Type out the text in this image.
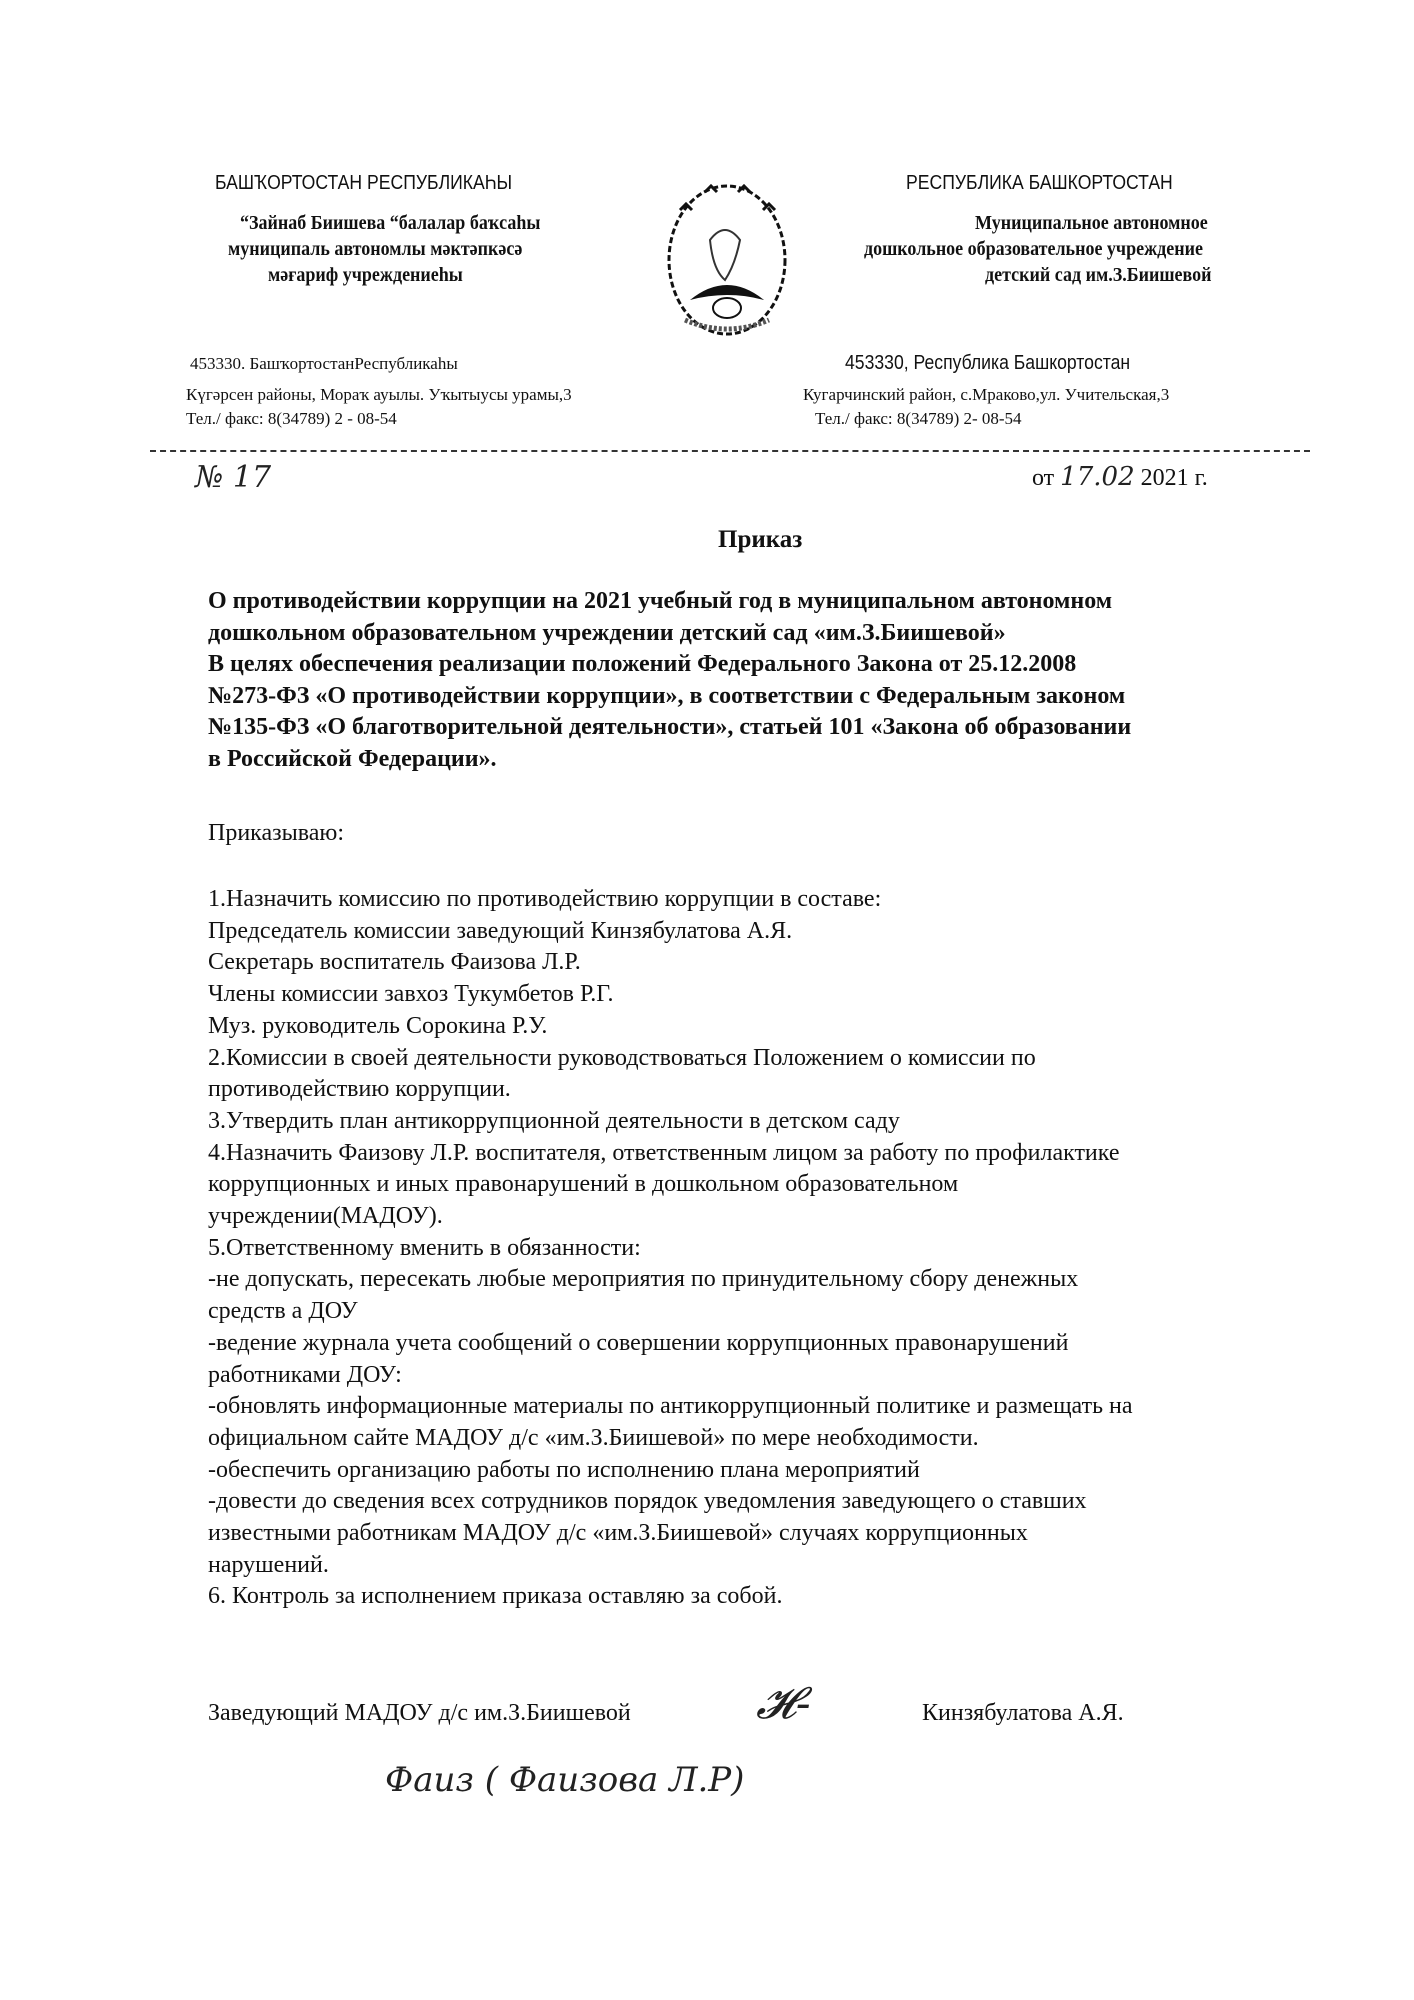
БАШҠОРТОСТАН РЕСПУБЛИКАҺЫ
“Зайнаб Биишева “балалар баҡсаһы
муниципаль автономлы мәктәпкәсә
мәғариф учреждениеһы
453330. БашҡортостанРеспубликаһы
Күгәрсен районы, Мораҡ ауылы. Уҡытыусы урамы,3
Тел./ факс: 8(34789) 2 - 08-54
РЕСПУБЛИКА БАШКОРТОСТАН
Муниципальное автономное
дошкольное образовательное учреждение
детский сад им.З.Биишевой
453330, Республика Башкортостан
Кугарчинский район, с.Мраково,ул. Учительская,3
Тел./ факс: 8(34789) 2- 08-54
№ 17	от 17.02 2021 г.
Приказ
О противодействии коррупции на 2021 учебный год в муниципальном автономном
дошкольном образовательном учреждении детский сад «им.З.Биишевой»
В целях обеспечения реализации положений Федерального Закона от 25.12.2008
№273-ФЗ «О противодействии коррупции», в соответствии с Федеральным законом
№135-ФЗ «О благотворительной деятельности», статьей 101 «Закона об образовании
в Российской Федерации».
Приказываю:
1.Назначить комиссию по противодействию коррупции в составе:
Председатель комиссии заведующий Кинзябулатова А.Я.
Секретарь воспитатель Фаизова Л.Р.
Члены комиссии завхоз Тукумбетов Р.Г.
Муз. руководитель Сорокина Р.У.
2.Комиссии в своей деятельности руководствоваться Положением о комиссии по
противодействию коррупции.
3.Утвердить план антикоррупционной деятельности в детском саду
4.Назначить Фаизову Л.Р. воспитателя, ответственным лицом за работу по профилактике
коррупционных и иных правонарушений в дошкольном образовательном
учреждении(МАДОУ).
5.Ответственному вменить в обязанности:
-не допускать, пересекать любые мероприятия по принудительному сбору денежных
средств а ДОУ
-ведение журнала учета сообщений о совершении коррупционных правонарушений
работниками ДОУ:
-обновлять информационные материалы по антикоррупционный политике и размещать на
официальном сайте МАДОУ д/с «им.З.Биишевой» по мере необходимости.
-обеспечить организацию работы по исполнению плана мероприятий
-довести до сведения всех сотрудников порядок уведомления заведующего о ставших
известными работникам МАДОУ д/с «им.З.Биишевой» случаях коррупционных
нарушений.
6. Контроль за исполнением приказа оставляю за собой.
Заведующий МАДОУ д/с им.З.Биишевой	𝓗‐	Кинзябулатова А.Я.
Фаиз ( Фаизова Л.Р)
